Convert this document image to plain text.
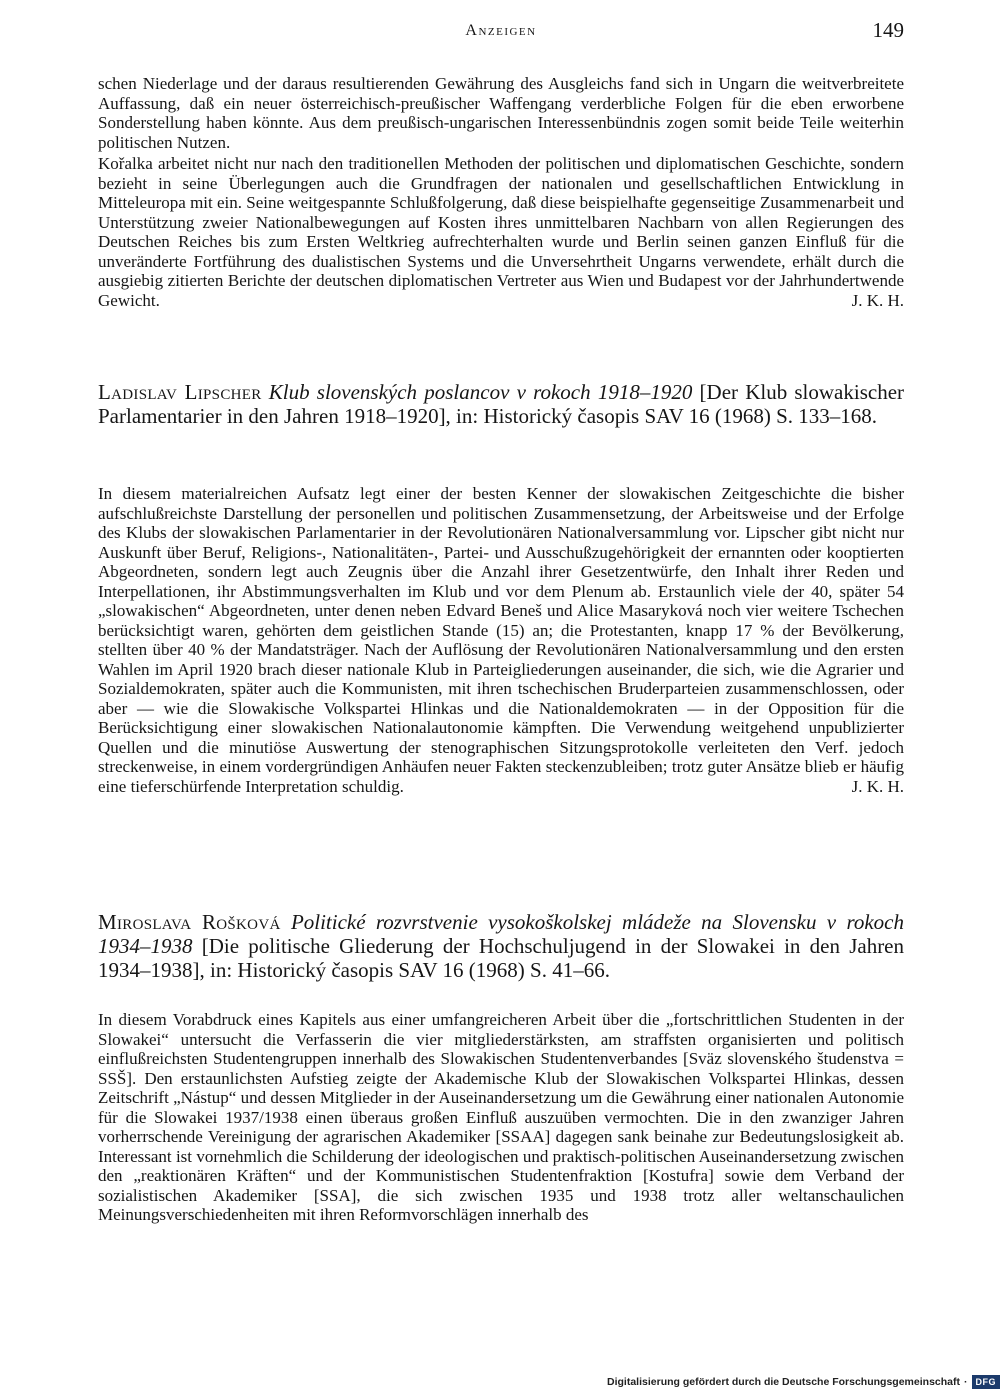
Anzeigen	149

schen Niederlage und der daraus resultierenden Gewährung des Ausgleichs fand sich in Ungarn die weitverbreitete Auffassung, daß ein neuer österreichisch-preußischer Waffengang verderbliche Folgen für die eben erworbene Sonderstellung haben könnte. Aus dem preußisch-ungarischen Interessenbündnis zogen somit beide Teile weiterhin politischen Nutzen.

Kořalka arbeitet nicht nur nach den traditionellen Methoden der politischen und diplomatischen Geschichte, sondern bezieht in seine Überlegungen auch die Grundfragen der nationalen und gesellschaftlichen Entwicklung in Mitteleuropa mit ein. Seine weitgespannte Schlußfolgerung, daß diese beispielhafte gegenseitige Zusammenarbeit und Unterstützung zweier Nationalbewegungen auf Kosten ihres unmittelbaren Nachbarn von allen Regierungen des Deutschen Reiches bis zum Ersten Weltkrieg aufrechterhalten wurde und Berlin seinen ganzen Einfluß für die unveränderte Fortführung des dualistischen Systems und die Unversehrtheit Ungarns verwendete, erhält durch die ausgiebig zitierten Berichte der deutschen diplomatischen Vertreter aus Wien und Budapest vor der Jahrhundertwende Gewicht.	J. K. H.

Ladislav Lipscher Klub slovenských poslancov v rokoch 1918–1920 [Der Klub slowakischer Parlamentarier in den Jahren 1918–1920], in: Historický časopis SAV 16 (1968) S. 133–168.

In diesem materialreichen Aufsatz legt einer der besten Kenner der slowakischen Zeitgeschichte die bisher aufschlußreichste Darstellung der personellen und politischen Zusammensetzung, der Arbeitsweise und der Erfolge des Klubs der slowakischen Parlamentarier in der Revolutionären Nationalversammlung vor. Lipscher gibt nicht nur Auskunft über Beruf, Religions-, Nationalitäten-, Partei- und Ausschußzugehörigkeit der ernannten oder kooptierten Abgeordneten, sondern legt auch Zeugnis über die Anzahl ihrer Gesetzentwürfe, den Inhalt ihrer Reden und Interpellationen, ihr Abstimmungsverhalten im Klub und vor dem Plenum ab. Erstaunlich viele der 40, später 54 „slowakischen“ Abgeordneten, unter denen neben Edvard Beneš und Alice Masaryková noch vier weitere Tschechen berücksichtigt waren, gehörten dem geistlichen Stande (15) an; die Protestanten, knapp 17 % der Bevölkerung, stellten über 40 % der Mandatsträger. Nach der Auflösung der Revolutionären Nationalversammlung und den ersten Wahlen im April 1920 brach dieser nationale Klub in Parteigliederungen auseinander, die sich, wie die Agrarier und Sozialdemokraten, später auch die Kommunisten, mit ihren tschechischen Bruderparteien zusammenschlossen, oder aber — wie die Slowakische Volkspartei Hlinkas und die Nationaldemokraten — in der Opposition für die Berücksichtigung einer slowakischen Nationalautonomie kämpften. Die Verwendung weitgehend unpublizierter Quellen und die minutiöse Auswertung der stenographischen Sitzungsprotokolle verleiteten den Verf. jedoch streckenweise, in einem vordergründigen Anhäufen neuer Fakten steckenzubleiben; trotz guter Ansätze blieb er häufig eine tieferschürfende Interpretation schuldig.	J. K. H.

Miroslava Rošková Politické rozvrstvenie vysokoškolskej mládeže na Slovensku v rokoch 1934–1938 [Die politische Gliederung der Hochschuljugend in der Slowakei in den Jahren 1934–1938], in: Historický časopis SAV 16 (1968) S. 41–66.

In diesem Vorabdruck eines Kapitels aus einer umfangreicheren Arbeit über die „fortschrittlichen Studenten in der Slowakei“ untersucht die Verfasserin die vier mitgliederstärksten, am straffsten organisierten und politisch einflußreichsten Studentengruppen innerhalb des Slowakischen Studentenverbandes [Sväz slovenského študenstva = SSŠ]. Den erstaunlichsten Aufstieg zeigte der Akademische Klub der Slowakischen Volkspartei Hlinkas, dessen Zeitschrift „Nástup“ und dessen Mitglieder in der Auseinandersetzung um die Gewährung einer nationalen Autonomie für die Slowakei 1937/1938 einen überaus großen Einfluß auszuüben vermochten. Die in den zwanziger Jahren vorherrschende Vereinigung der agrarischen Akademiker [SSAA] dagegen sank beinahe zur Bedeutungslosigkeit ab. Interessant ist vornehmlich die Schilderung der ideologischen und praktisch-politischen Auseinandersetzung zwischen den „reaktionären Kräften“ und der Kommunistischen Studentenfraktion [Kostufra] sowie dem Verband der sozialistischen Akademiker [SSA], die sich zwischen 1935 und 1938 trotz aller weltanschaulichen Meinungsverschiedenheiten mit ihren Reformvorschlägen innerhalb des

Digitalisierung gefördert durch die Deutsche Forschungsgemeinschaft · DFG
